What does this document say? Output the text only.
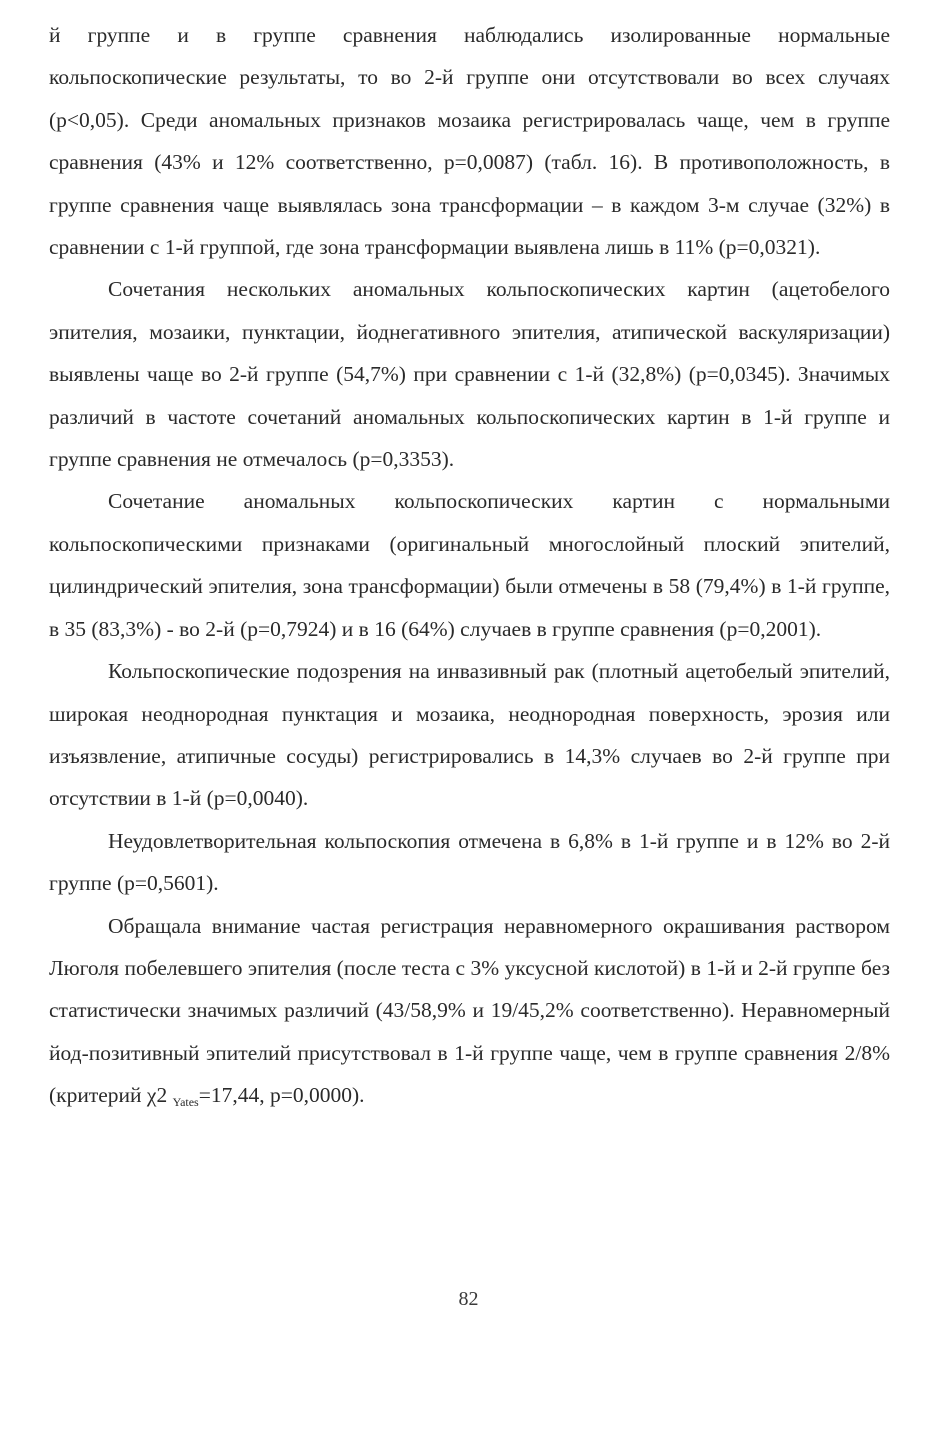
й группе и в группе сравнения наблюдались изолированные нормальные кольпоскопические результаты, то во 2-й группе они отсутствовали во всех случаях (p<0,05). Среди аномальных признаков мозаика регистрировалась чаще, чем в группе сравнения (43% и 12% соответственно, p=0,0087) (табл. 16). В противоположность, в группе сравнения чаще выявлялась зона трансформации – в каждом 3-м случае (32%) в сравнении с 1-й группой, где зона трансформации выявлена лишь в 11% (p=0,0321).

Сочетания нескольких аномальных кольпоскопических картин (ацетобелого эпителия, мозаики, пунктации, йоднегативного эпителия, атипической васкуляризации) выявлены чаще во 2-й группе (54,7%) при сравнении с 1-й (32,8%) (p=0,0345). Значимых различий в частоте сочетаний аномальных кольпоскопических картин в 1-й группе и группе сравнения не отмечалось (p=0,3353).

Сочетание аномальных кольпоскопических картин с нормальными кольпоскопическими признаками (оригинальный многослойный плоский эпителий, цилиндрический эпителия, зона трансформации) были отмечены в 58 (79,4%) в 1-й группе, в 35 (83,3%) - во 2-й (p=0,7924) и в 16 (64%) случаев в группе сравнения (p=0,2001).

Кольпоскопические подозрения на инвазивный рак (плотный ацетобелый эпителий, широкая неоднородная пунктация и мозаика, неоднородная поверхность, эрозия или изъязвление, атипичные сосуды) регистрировались в 14,3% случаев во 2-й группе при отсутствии в 1-й (p=0,0040).

Неудовлетворительная кольпоскопия отмечена в 6,8% в 1-й группе и в 12% во 2-й группе (p=0,5601).

Обращала внимание частая регистрация неравномерного окрашивания раствором Люголя побелевшего эпителия (после теста с 3% уксусной кислотой) в 1-й и 2-й группе без статистически значимых различий (43/58,9% и 19/45,2% соответственно). Неравномерный йод-позитивный эпителий присутствовал в 1-й группе чаще, чем в группе сравнения 2/8% (критерий χ2 $_{Yates}$=17,44, p=0,0000).

82
